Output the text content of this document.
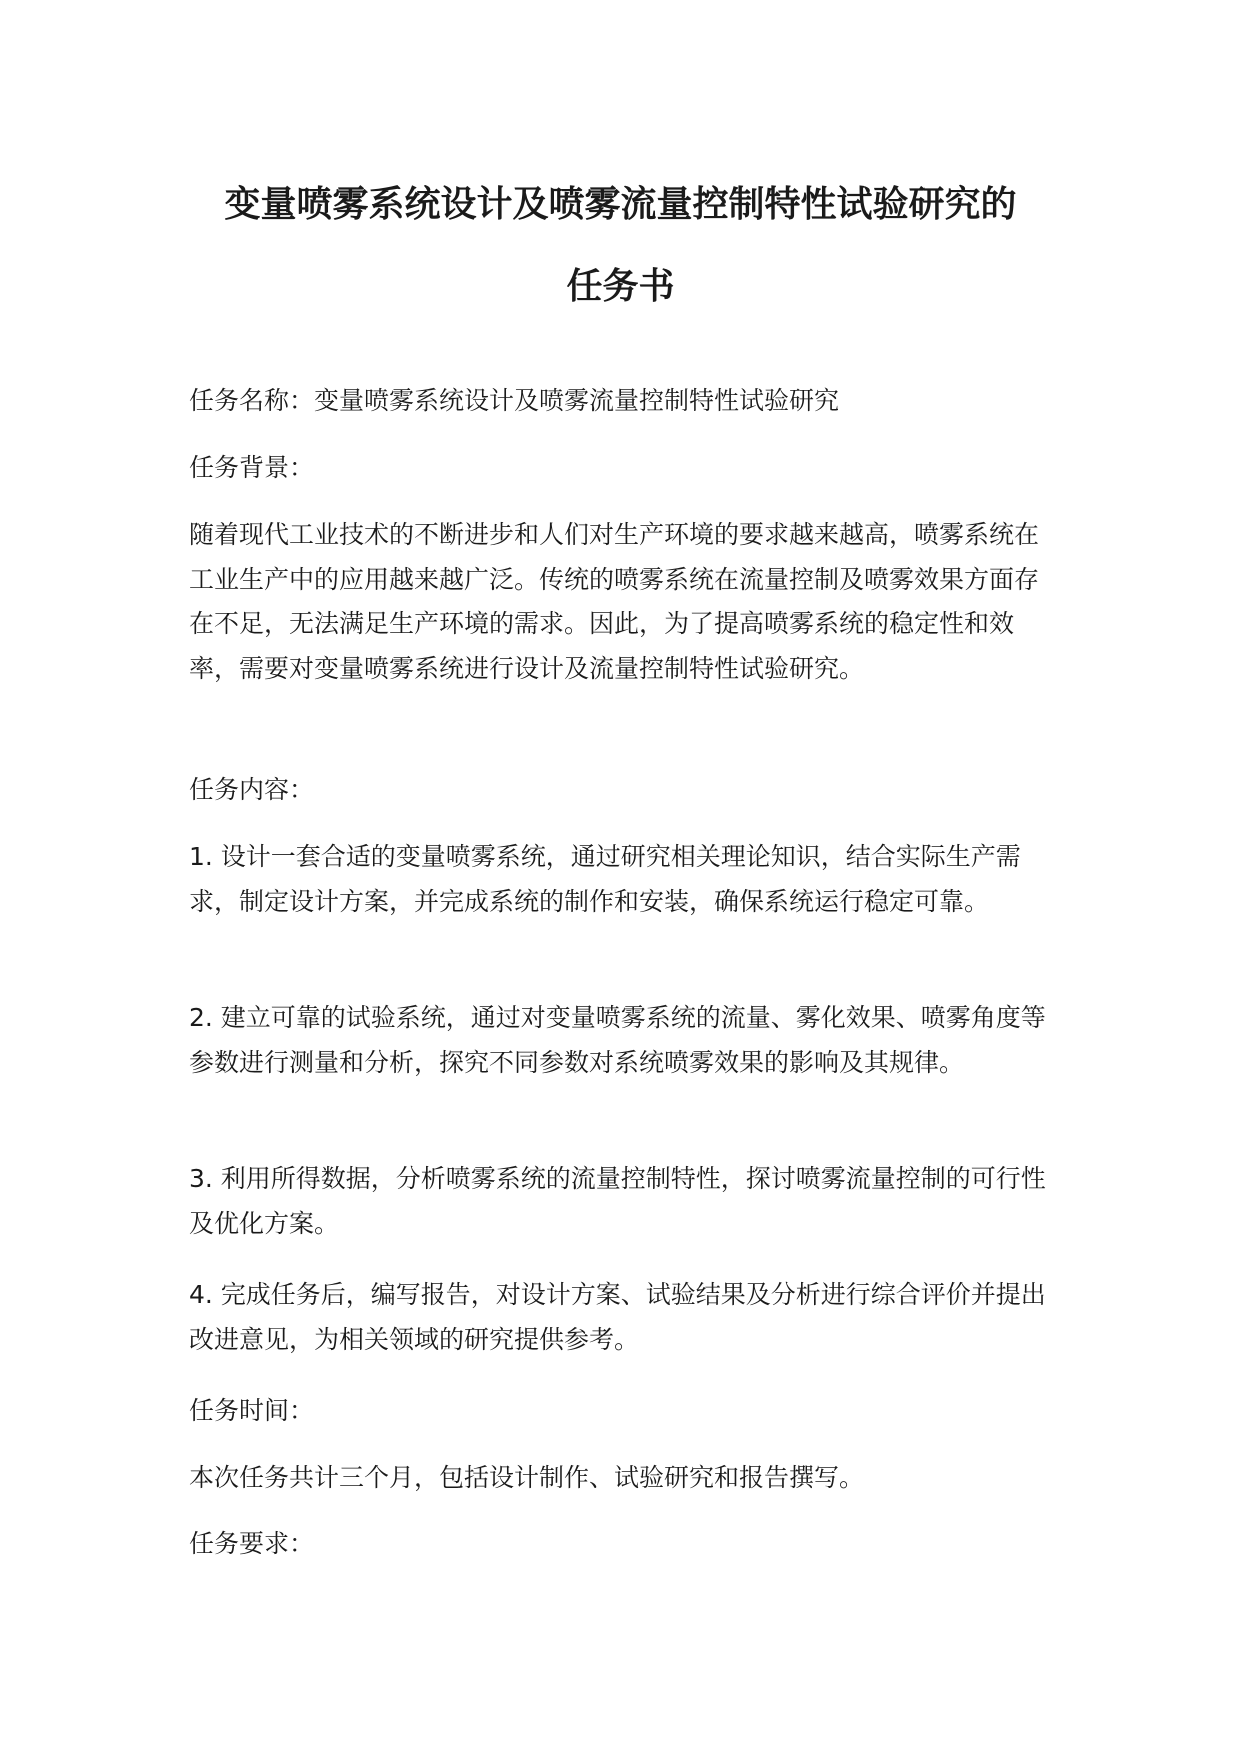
变量喷雾系统设计及喷雾流量控制特性试验研究的
任务书

任务名称：变量喷雾系统设计及喷雾流量控制特性试验研究

任务背景：

随着现代工业技术的不断进步和人们对生产环境的要求越来越高，喷雾系统在工业生产中的应用越来越广泛。传统的喷雾系统在流量控制及喷雾效果方面存在不足，无法满足生产环境的需求。因此，为了提高喷雾系统的稳定性和效率，需要对变量喷雾系统进行设计及流量控制特性试验研究。

任务内容：

1. 设计一套合适的变量喷雾系统，通过研究相关理论知识，结合实际生产需求，制定设计方案，并完成系统的制作和安装，确保系统运行稳定可靠。

2. 建立可靠的试验系统，通过对变量喷雾系统的流量、雾化效果、喷雾角度等参数进行测量和分析，探究不同参数对系统喷雾效果的影响及其规律。

3. 利用所得数据，分析喷雾系统的流量控制特性，探讨喷雾流量控制的可行性及优化方案。

4. 完成任务后，编写报告，对设计方案、试验结果及分析进行综合评价并提出改进意见，为相关领域的研究提供参考。

任务时间：

本次任务共计三个月，包括设计制作、试验研究和报告撰写。

任务要求：
